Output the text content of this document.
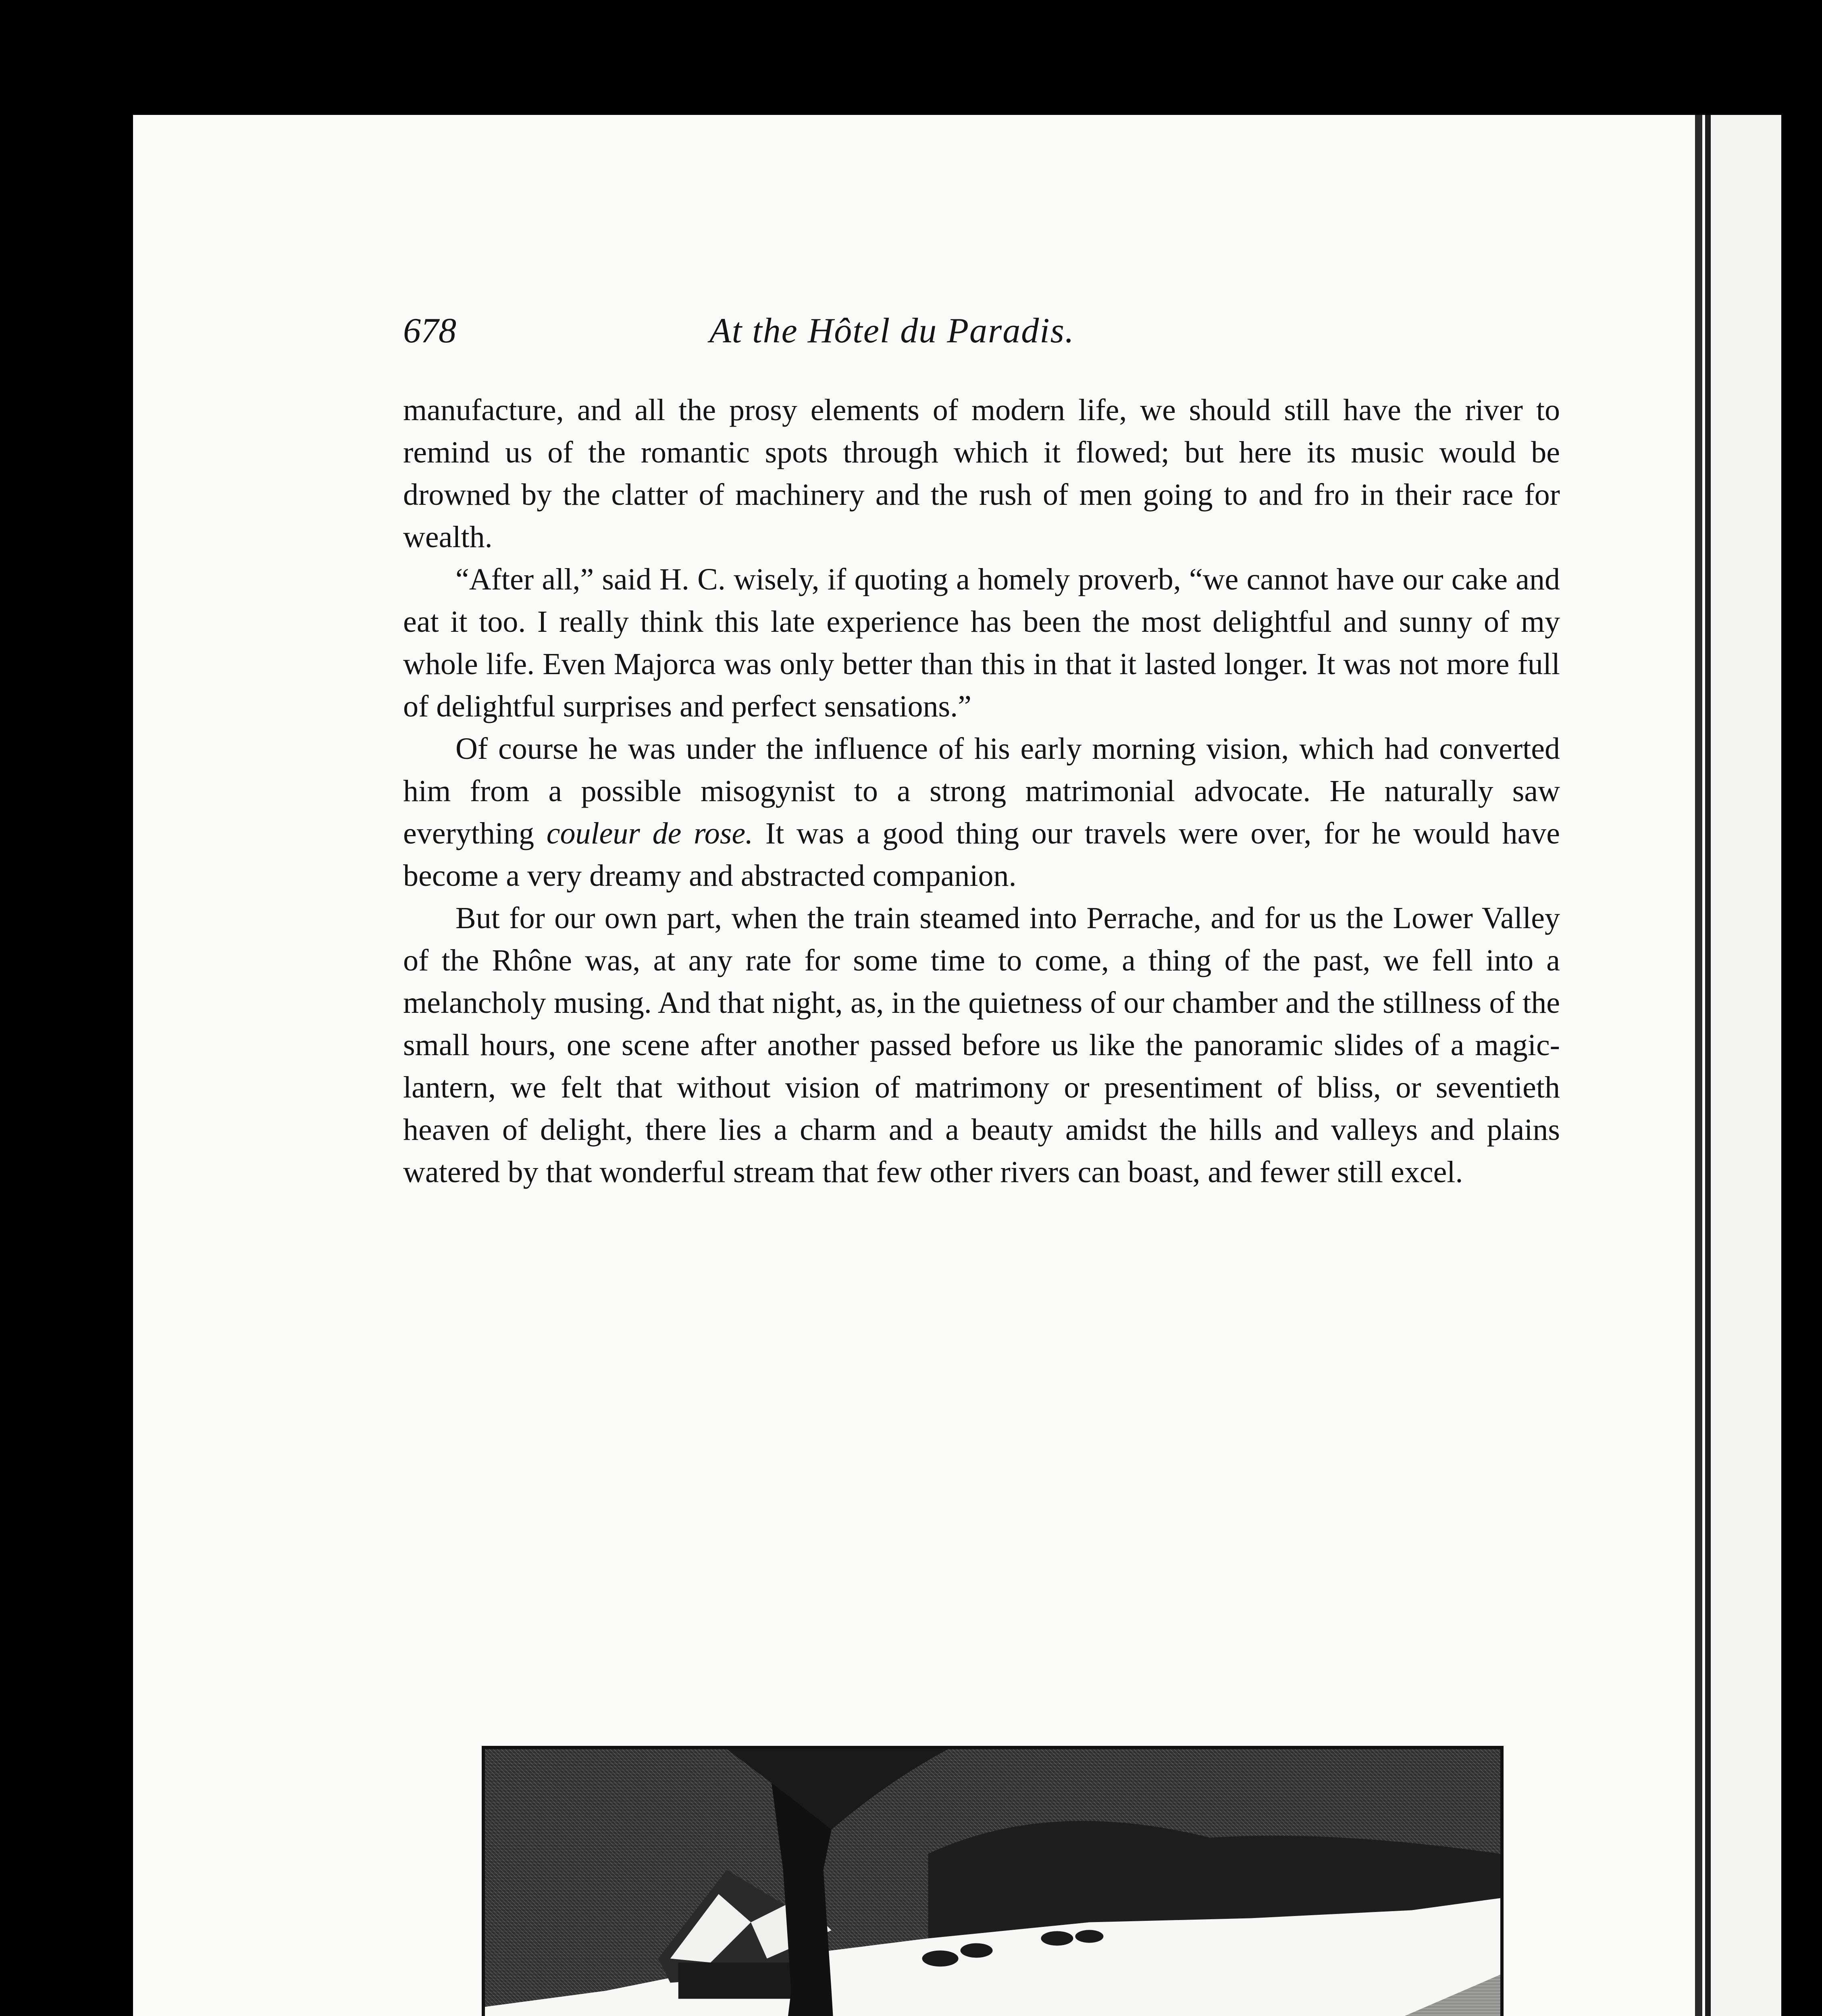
678	At the Hôtel du Paradis.

manufacture, and all the prosy elements of modern life, we should still have the river to remind us of the romantic spots through which it flowed; but here its music would be drowned by the clatter of machinery and the rush of men going to and fro in their race for wealth.

“After all,” said H. C. wisely, if quoting a homely proverb, “we cannot have our cake and eat it too. I really think this late experience has been the most delightful and sunny of my whole life. Even Majorca was only better than this in that it lasted longer. It was not more full of delightful surprises and perfect sensations.”

Of course he was under the influence of his early morning vision, which had converted him from a possible misogynist to a strong matrimonial advocate. He naturally saw everything couleur de rose. It was a good thing our travels were over, for he would have become a very dreamy and abstracted companion.

But for our own part, when the train steamed into Perrache, and for us the Lower Valley of the Rhône was, at any rate for some time to come, a thing of the past, we fell into a melancholy musing. And that night, as, in the quietness of our chamber and the stillness of the small hours, one scene after another passed before us like the panoramic slides of a magic-lantern, we felt that without vision of matrimony or presentiment of bliss, or seventieth heaven of delight, there lies a charm and a beauty amidst the hills and valleys and plains watered by that wonderful stream that few other rivers can boast, and fewer still excel.
